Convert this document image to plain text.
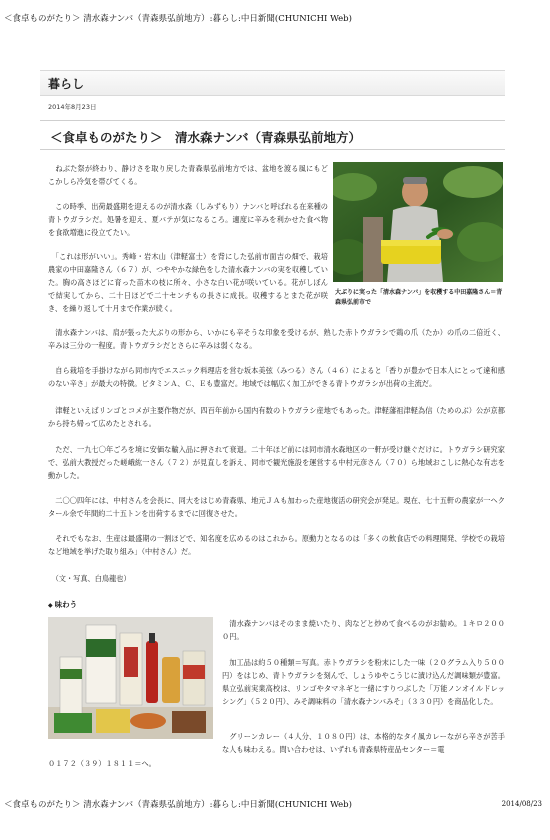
＜食卓ものがたり＞ 清水森ナンバ（青森県弘前地方）:暮らし:中日新聞(CHUNICHI Web)
暮らし
2014年8月23日
＜食卓ものがたり＞　清水森ナンバ（青森県弘前地方）

　ねぶた祭が終わり、静けさを取り戻した青森県弘前地方では、盆地を渡る風にもどこかしら冷気を帯びてくる。

　この時季、出荷最盛期を迎えるのが清水森（しみずもり）ナンバと呼ばれる在来種の青トウガラシだ。処暑を迎え、夏バテが気になるころ。適度に辛みを利かせた食べ物を食欲増進に役立てたい。

　「これは形がいい」。秀峰・岩木山（津軽富士）を背にした弘前市面吉の畑で、栽培農家の中田嘉隆さん（６７）が、つややかな緑色をした清水森ナンバの実を収穫していた。胸の高さほどに育った苗木の枝に所々、小さな白い花が咲いている。花がしぼんで結実してから、二十日ほどで二十センチもの長さに成長。収穫するとまた花が咲き、を繰り返して十月まで作業が続く。

大ぶりに実った「清水森ナンバ」を収穫する中田嘉隆さん＝青森県弘前市で

　清水森ナンバは、肩が張った大ぶりの形から、いかにも辛そうな印象を受けるが、熟した赤トウガラシで鶏の爪（たか）の爪の二倍近く、辛みは三分の一程度。青トウガラシだとさらに辛みは弱くなる。

　自ら栽培を手掛けながら同市内でエスニック料理店を営む坂本美弦（みつる）さん（４６）によると「香りが豊かで日本人にとって違和感のない辛さ」が最大の特徴。ビタミンＡ、Ｃ、Ｅも豊富だ。地域では幅広く加工ができる青トウガラシが出荷の主流だ。

　津軽といえばリンゴとコメが主要作物だが、四百年前から国内有数のトウガラシ産地でもあった。津軽藩祖津軽為信（ためのぶ）公が京都から持ち帰って広めたとされる。

　ただ、一九七〇年ごろを境に安価な輸入品に押されて衰退。二十年ほど前には同市清水森地区の一軒が受け継ぐだけに。トウガラシ研究家で、弘前大教授だった嵯峨紘一さん（７２）が見直しを訴え、同市で観光施設を運営する中村元彦さん（７０）ら地域おこしに熱心な有志を動かした。

　二〇〇四年には、中村さんを会長に、同大をはじめ青森県、地元ＪＡも加わった産地復活の研究会が発足。現在、七十五軒の農家が一ヘクタール余で年間約二十五トンを出荷するまでに回復させた。

　それでもなお、生産は最盛期の一割ほどで、知名度を広めるのはこれから。原動力となるのは「多くの飲食店での料理開発、学校での栽培など地域を挙げた取り組み」（中村さん）だ。

　（文・写真、白鳥龍也）

◆ 味わう

　清水森ナンバはそのまま焼いたり、肉などと炒めて食べるのがお勧め。１キロ２０００円。

　加工品は約５０種類＝写真。赤トウガラシを粉末にした一味（２０グラム入り５００円）をはじめ、青トウガラシを刻んで、しょうゆやこうじに漬け込んだ調味類が豊富。県立弘前実業高校は、リンゴやタマネギと一緒にすりつぶした「万能ノンオイルドレッシング」（５２０円）、みそ調味料の「清水森ナンバみそ」（３３０円）を商品化した。

　グリーンカレー（４人分、１０８０円）は、本格的なタイ風カレーながら辛さが苦手な人も味わえる。問い合わせは、いずれも青森県特産品センター＝電

０１７２（３９）１８１１＝へ。

＜食卓ものがたり＞ 清水森ナンバ（青森県弘前地方）:暮らし:中日新聞(CHUNICHI Web)	2014/08/23
